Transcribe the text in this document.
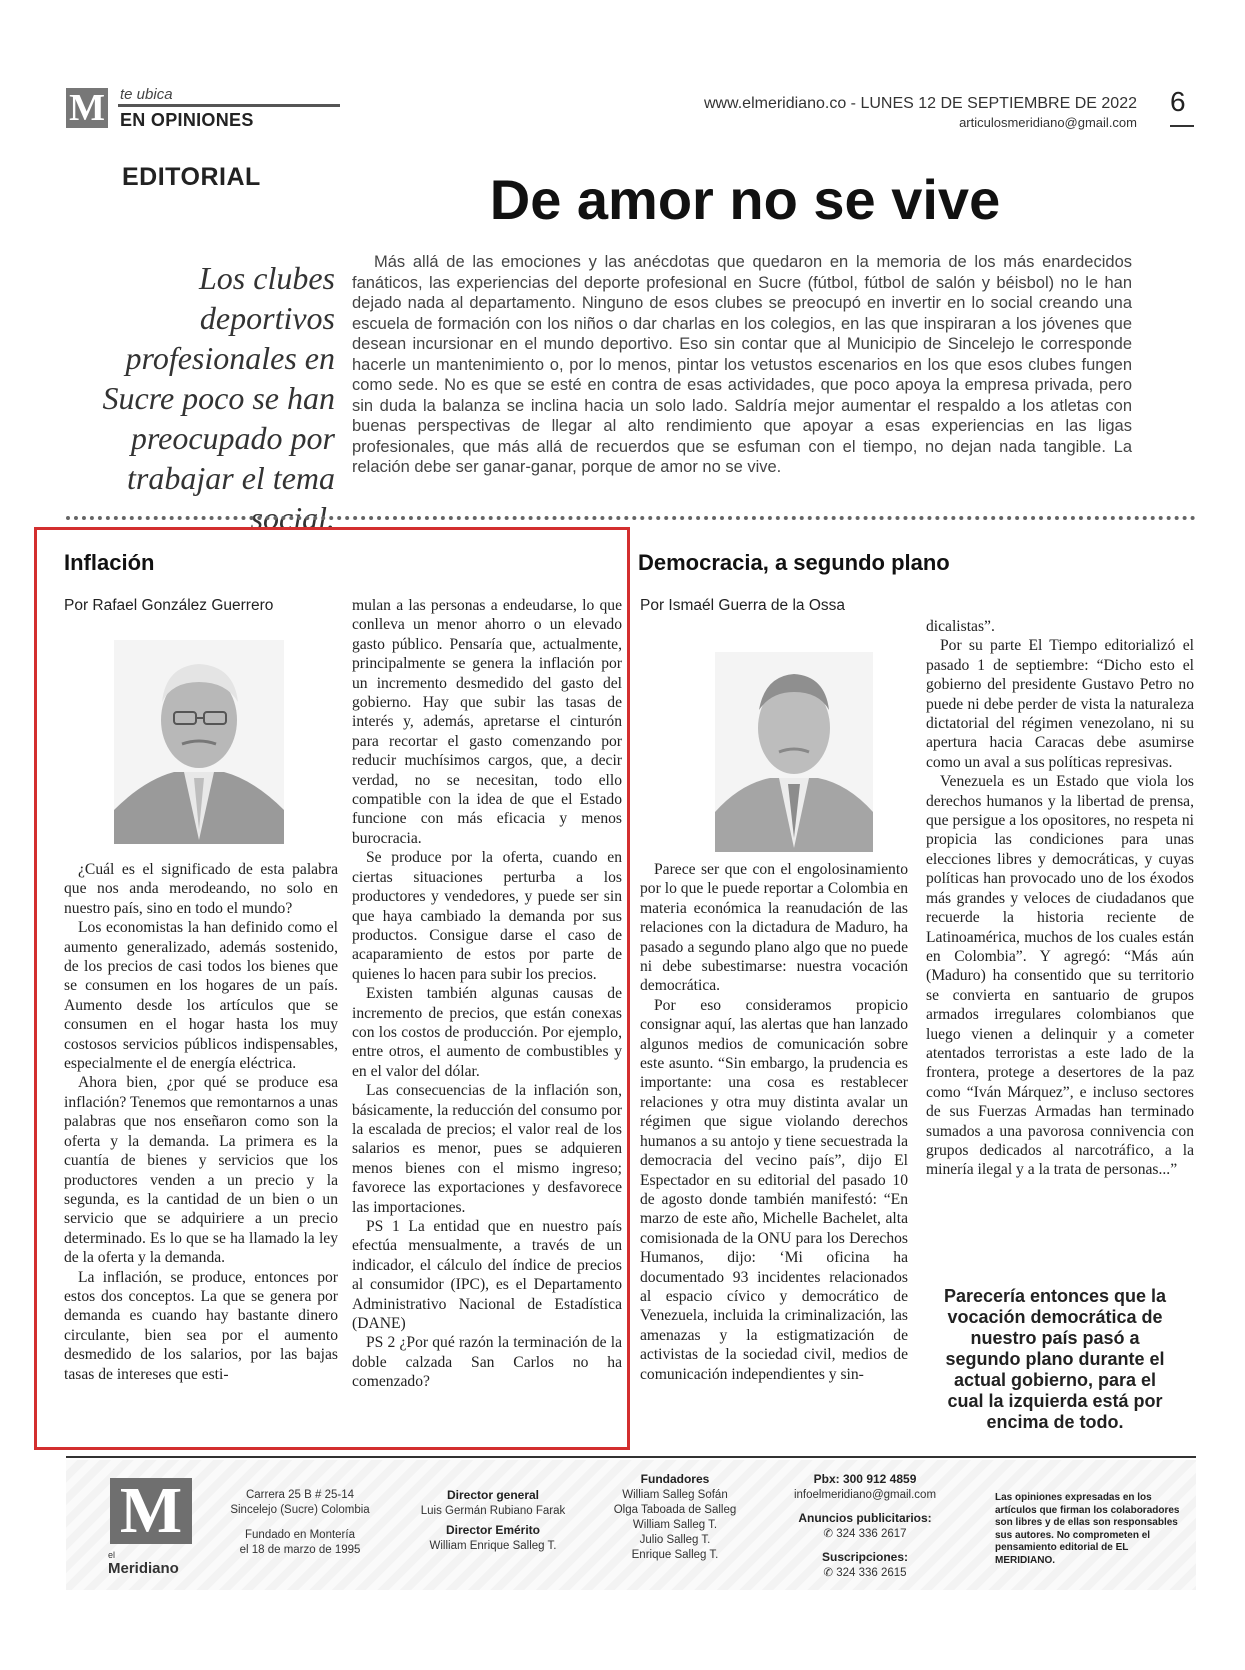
M te ubica
EN OPINIONES
www.elmeridiano.co - LUNES 12 DE SEPTIEMBRE DE 2022
articulosmeridiano@gmail.com
6
EDITORIAL	De amor no se vive
Los clubes deportivos profesionales en Sucre poco se han preocupado por trabajar el tema social.

Más allá de las emociones y las anécdotas que quedaron en la memoria de los más enardecidos fanáticos, las experiencias del deporte profesional en Sucre (fútbol, fútbol de salón y béisbol) no le han dejado nada al departamento. Ninguno de esos clubes se preocupó en invertir en lo social creando una escuela de formación con los niños o dar charlas en los colegios, en las que inspiraran a los jóvenes que desean incursionar en el mundo deportivo. Eso sin contar que al Municipio de Sincelejo le corresponde hacerle un mantenimiento o, por lo menos, pintar los vetustos escenarios en los que esos clubes fungen como sede. No es que se esté en contra de esas actividades, que poco apoya la empresa privada, pero sin duda la balanza se inclina hacia un solo lado. Saldría mejor aumentar el respaldo a los atletas con buenas perspectivas de llegar al alto rendimiento que apoyar a esas experiencias en las ligas profesionales, que más allá de recuerdos que se esfuman con el tiempo, no dejan nada tangible. La relación debe ser ganar-ganar, porque de amor no se vive.

Inflación
Por Rafael González Guerrero

¿Cuál es el significado de esta palabra que nos anda merodeando, no solo en nuestro país, sino en todo el mundo?

Los economistas la han definido como el aumento generalizado, además sostenido, de los precios de casi todos los bienes que se consumen en los hogares de un país. Aumento desde los artículos que se consumen en el hogar hasta los muy costosos servicios públicos indispensables, especialmente el de energía eléctrica.

Ahora bien, ¿por qué se produce esa inflación? Tenemos que remontarnos a unas palabras que nos enseñaron como son la oferta y la demanda. La primera es la cuantía de bienes y servicios que los productores venden a un precio y la segunda, es la cantidad de un bien o un servicio que se adquiriere a un precio determinado. Es lo que se ha llamado la ley de la oferta y la demanda.

La inflación, se produce, entonces por estos dos conceptos. La que se genera por demanda es cuando hay bastante dinero circulante, bien sea por el aumento desmedido de los salarios, por las bajas tasas de intereses que esti-

mulan a las personas a endeudarse, lo que conlleva un menor ahorro o un elevado gasto público. Pensaría que, actualmente, principalmente se genera la inflación por un incremento desmedido del gasto del gobierno. Hay que subir las tasas de interés y, además, apretarse el cinturón para recortar el gasto comenzando por reducir muchísimos cargos, que, a decir verdad, no se necesitan, todo ello compatible con la idea de que el Estado funcione con más eficacia y menos burocracia.

Se produce por la oferta, cuando en ciertas situaciones perturba a los productores y vendedores, y puede ser sin que haya cambiado la demanda por sus productos. Consigue darse el caso de acaparamiento de estos por parte de quienes lo hacen para subir los precios.

Existen también algunas causas de incremento de precios, que están conexas con los costos de producción. Por ejemplo, entre otros, el aumento de combustibles y en el valor del dólar.

Las consecuencias de la inflación son, básicamente, la reducción del consumo por la escalada de precios; el valor real de los salarios es menor, pues se adquieren menos bienes con el mismo ingreso; favorece las exportaciones y desfavorece las importaciones.

PS 1 La entidad que en nuestro país efectúa mensualmente, a través de un indicador, el cálculo del índice de precios al consumidor (IPC), es el Departamento Administrativo Nacional de Estadística (DANE)

PS 2 ¿Por qué razón la terminación de la doble calzada San Carlos no ha comenzado?

Democracia, a segundo plano
Por Ismaél Guerra de la Ossa

Parece ser que con el engolosinamiento por lo que le puede reportar a Colombia en materia económica la reanudación de las relaciones con la dictadura de Maduro, ha pasado a segundo plano algo que no puede ni debe subestimarse: nuestra vocación democrática.

Por eso consideramos propicio consignar aquí, las alertas que han lanzado algunos medios de comunicación sobre este asunto. “Sin embargo, la prudencia es importante: una cosa es restablecer relaciones y otra muy distinta avalar un régimen que sigue violando derechos humanos a su antojo y tiene secuestrada la democracia del vecino país”, dijo El Espectador en su editorial del pasado 10 de agosto donde también manifestó: “En marzo de este año, Michelle Bachelet, alta comisionada de la ONU para los Derechos Humanos, dijo: ‘Mi oficina ha documentado 93 incidentes relacionados al espacio cívico y democrático de Venezuela, incluida la criminalización, las amenazas y la estigmatización de activistas de la sociedad civil, medios de comunicación independientes y sin-

dicalistas”.

Por su parte El Tiempo editorializó el pasado 1 de septiembre: “Dicho esto el gobierno del presidente Gustavo Petro no puede ni debe perder de vista la naturaleza dictatorial del régimen venezolano, ni su apertura hacia Caracas debe asumirse como un aval a sus políticas represivas.

Venezuela es un Estado que viola los derechos humanos y la libertad de prensa, que persigue a los opositores, no respeta ni propicia las condiciones para unas elecciones libres y democráticas, y cuyas políticas han provocado uno de los éxodos más grandes y veloces de ciudadanos que recuerde la historia reciente de Latinoamérica, muchos de los cuales están en Colombia”. Y agregó: “Más aún (Maduro) ha consentido que su territorio se convierta en santuario de grupos armados irregulares colombianos que luego vienen a delinquir y a cometer atentados terroristas a este lado de la frontera, protege a desertores de la paz como “Iván Márquez”, e incluso sectores de sus Fuerzas Armadas han terminado sumados a una pavorosa connivencia con grupos dedicados al narcotráfico, a la minería ilegal y a la trata de personas...”

Parecería entonces que la vocación democrática de nuestro país pasó a segundo plano durante el actual gobierno, para el cual la izquierda está por encima de todo.
M
el
Meridiano
Carrera 25 B # 25-14
Sincelejo (Sucre) Colombia
Fundado en Montería
el 18 de marzo de 1995
Director general
Luis Germán Rubiano Farak
Director Emérito
William Enrique Salleg T.
Fundadores
William Salleg Sofán
Olga Taboada de Salleg
William Salleg T.
Julio Salleg T.
Enrique Salleg T.
Pbx: 300 912 4859
infoelmeridiano@gmail.com
Anuncios publicitarios:
✆ 324 336 2617
Suscripciones:
✆ 324 336 2615
Las opiniones expresadas en los artículos que firman los colaboradores son libres y de ellas son responsables sus autores. No comprometen el pensamiento editorial de EL MERIDIANO.
